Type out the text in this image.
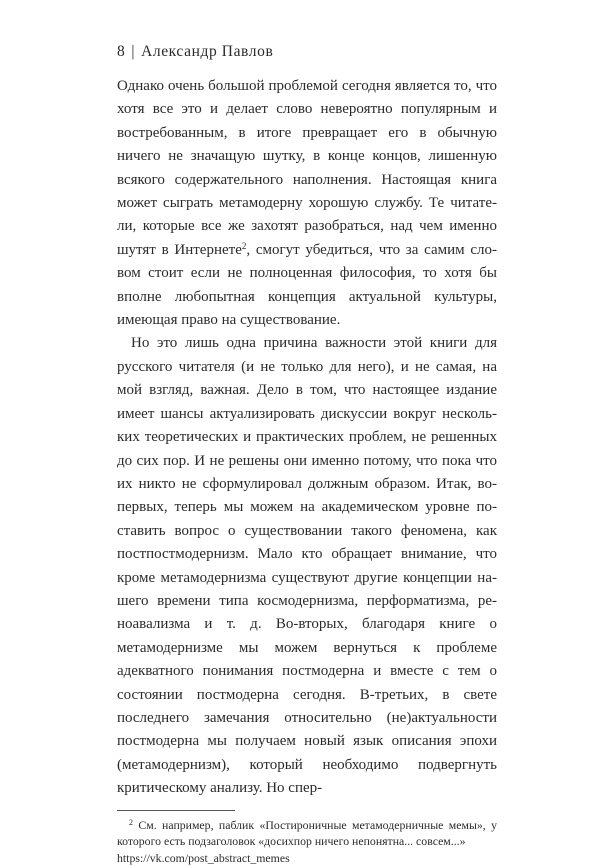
8 | Александр Павлов

Однако очень большой проблемой сегодня является то, что хотя все это и делает слово невероятно популярным и востребованным, в итоге превращает его в обычную ничего не значащую шутку, в конце концов, лишенную всякого содержательного наполнения. Настоящая книга может сыграть метамодерну хорошую службу. Те читатели, которые все же захотят разобраться, над чем именно шутят в Интернете$^2$, смогут убедиться, что за самим словом стоит если не полноценная философия, то хотя бы вполне любопытная концепция актуальной культуры, имеющая право на существование.

Но это лишь одна причина важности этой книги для русского читателя (и не только для него), и не самая, на мой взгляд, важная. Дело в том, что настоящее издание имеет шансы актуализировать дискуссии вокруг нескольких теоретических и практических проблем, не решенных до сих пор. И не решены они именно потому, что пока что их никто не сформулировал должным образом. Итак, во-первых, теперь мы можем на академическом уровне поставить вопрос о существовании такого феномена, как постпостмодернизм. Мало кто обращает внимание, что кроме метамодернизма существуют другие концепции нашего времени типа космодернизма, перформатизма, реноавализма и т. д. Во-вторых, благодаря книге о метамодернизме мы можем вернуться к проблеме адекватного понимания постмодерна и вместе с тем о состоянии постмодерна сегодня. В-третьих, в свете последнего замечания относительно (не)актуальности постмодерна мы получаем новый язык описания эпохи (метамодернизм), который необходимо подвергнуть критическому анализу. Но спер-

$^2$ См. например, паблик «Постироничные метамодерничные мемы», у которого есть подзаголовок «досихпор ничего непонятна... совсем...»
https://vk.com/post_abstract_memes
